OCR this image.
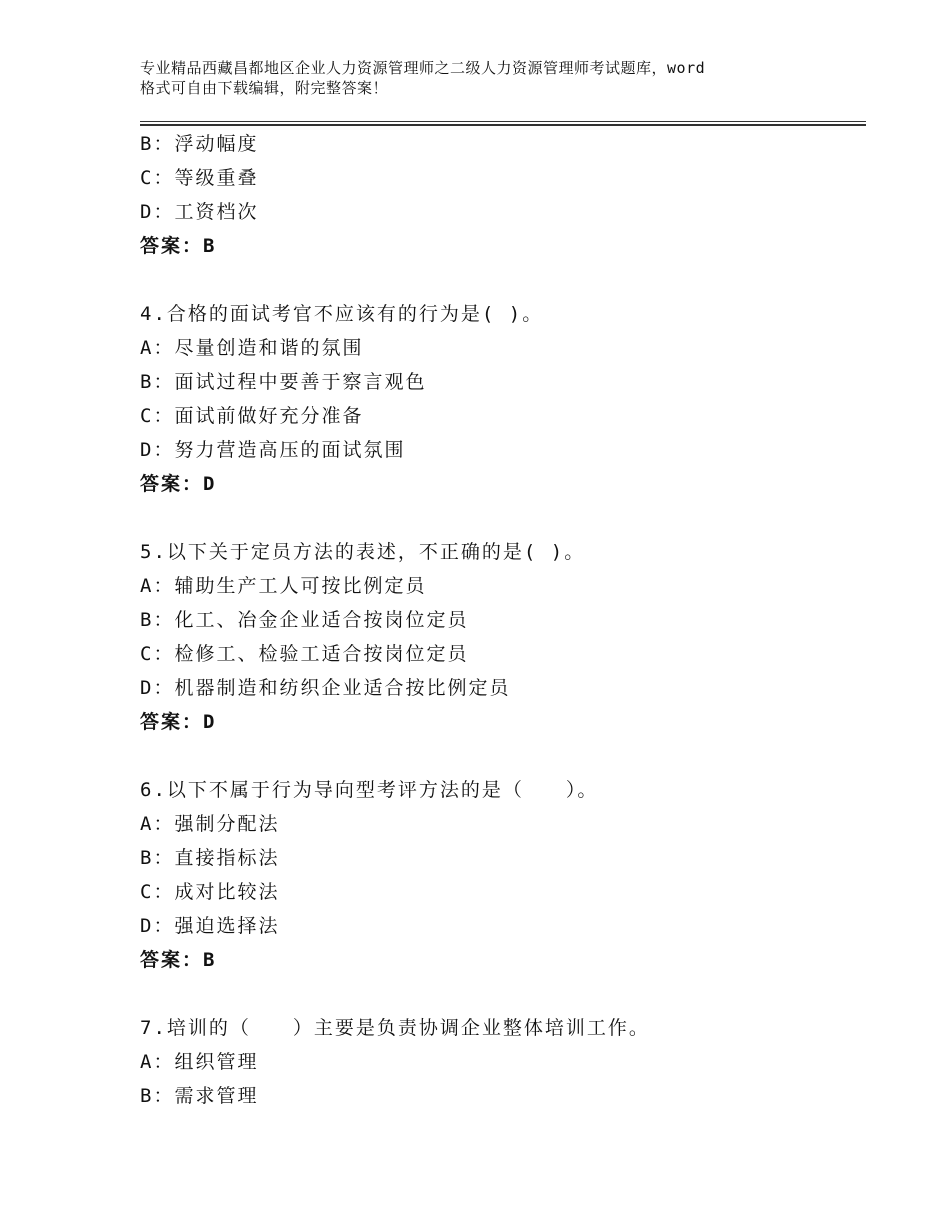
专业精品西藏昌都地区企业人力资源管理师之二级人力资源管理师考试题库，word
格式可自由下载编辑，附完整答案！
B：浮动幅度
C：等级重叠
D：工资档次
答案：B
4.合格的面试考官不应该有的行为是( )。
A：尽量创造和谐的氛围
B：面试过程中要善于察言观色
C：面试前做好充分准备
D：努力营造高压的面试氛围
答案：D
5.以下关于定员方法的表述，不正确的是( )。
A：辅助生产工人可按比例定员
B：化工、冶金企业适合按岗位定员
C：检修工、检验工适合按岗位定员
D：机器制造和纺织企业适合按比例定员
答案：D
6.以下不属于行为导向型考评方法的是（　　）。
A：强制分配法
B：直接指标法
C：成对比较法
D：强迫选择法
答案：B
7.培训的（　　）主要是负责协调企业整体培训工作。
A：组织管理
B：需求管理
